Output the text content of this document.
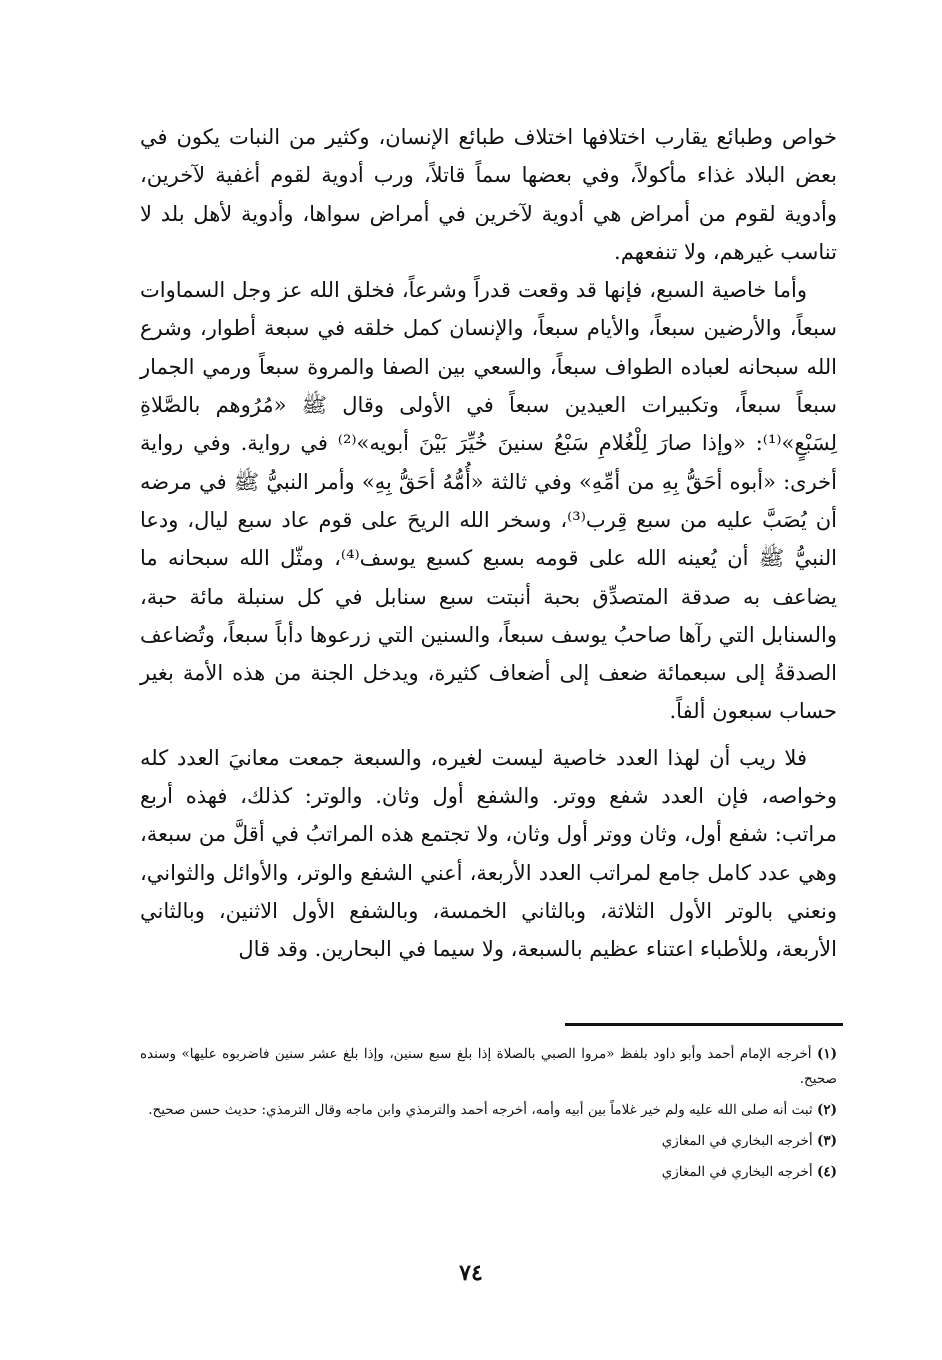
خواص وطبائع يقارب اختلافها اختلاف طبائع الإنسان، وكثير من النبات يكون في بعض البلاد غذاء مأكولاً، وفي بعضها سماً قاتلاً، ورب أدوية لقوم أغفية لآخرين، وأدوية لقوم من أمراض هي أدوية لآخرين في أمراض سواها، وأدوية لأهل بلد لا تناسب غيرهم، ولا تنفعهم.

وأما خاصية السبع، فإنها قد وقعت قدراً وشرعاً، فخلق الله عز وجل السماوات سبعاً، والأرضين سبعاً، والأيام سبعاً، والإنسان كمل خلقه في سبعة أطوار، وشرع الله سبحانه لعباده الطواف سبعاً، والسعي بين الصفا والمروة سبعاً ورمي الجمار سبعاً سبعاً، وتكبيرات العيدين سبعاً في الأولى وقال ﷺ «مُرُوهم بالصَّلاةِ لِسَبْعٍ»⁽¹⁾: «وإذا صارَ لِلْغُلامِ سَبْعُ سنينَ خُيِّرَ بَيْنَ أبويه»⁽²⁾ في رواية. وفي رواية أخرى: «أبوه أحَقُّ بِهِ من أمِّهِ» وفي ثالثة «أُمُّهُ أحَقُّ بِهِ» وأمر النبيُّ ﷺ في مرضه أن يُصَبَّ عليه من سبع قِرب⁽³⁾، وسخر الله الريحَ على قوم عاد سبع ليال، ودعا النبيُّ ﷺ أن يُعينه الله على قومه بسبع كسبع يوسف⁽⁴⁾، ومثّل الله سبحانه ما يضاعف به صدقة المتصدِّق بحبة أنبتت سبع سنابل في كل سنبلة مائة حبة، والسنابل التي رآها صاحبُ يوسف سبعاً، والسنين التي زرعوها دأباً سبعاً، وتُضاعف الصدقةُ إلى سبعمائة ضعف إلى أضعاف كثيرة، ويدخل الجنة من هذه الأمة بغير حساب سبعون ألفاً.

فلا ريب أن لهذا العدد خاصية ليست لغيره، والسبعة جمعت معانيَ العدد كله وخواصه، فإن العدد شفع ووتر. والشفع أول وثان. والوتر: كذلك، فهذه أربع مراتب: شفع أول، وثان ووتر أول وثان، ولا تجتمع هذه المراتبُ في أقلَّ من سبعة، وهي عدد كامل جامع لمراتب العدد الأربعة، أعني الشفع والوتر، والأوائل والثواني، ونعني بالوتر الأول الثلاثة، وبالثاني الخمسة، وبالشفع الأول الاثنين، وبالثاني الأربعة، وللأطباء اعتناء عظيم بالسبعة، ولا سيما في البحارين. وقد قال

(١) أخرجه الإمام أحمد وأبو داود بلفظ «مروا الصبي بالصلاة إذا بلغ سبع سنين، وإذا بلغ عشر سنين فاضربوه عليها» وسنده صحيح.

(٢) ثبت أنه صلى الله عليه ولم خير غلاماً بين أبيه وأمه، أخرجه أحمد والترمذي وابن ماجه وقال الترمذي: حديث حسن صحيح.

(٣) أخرجه البخاري في المغازي

(٤) أخرجه البخاري في المغازي

٧٤
